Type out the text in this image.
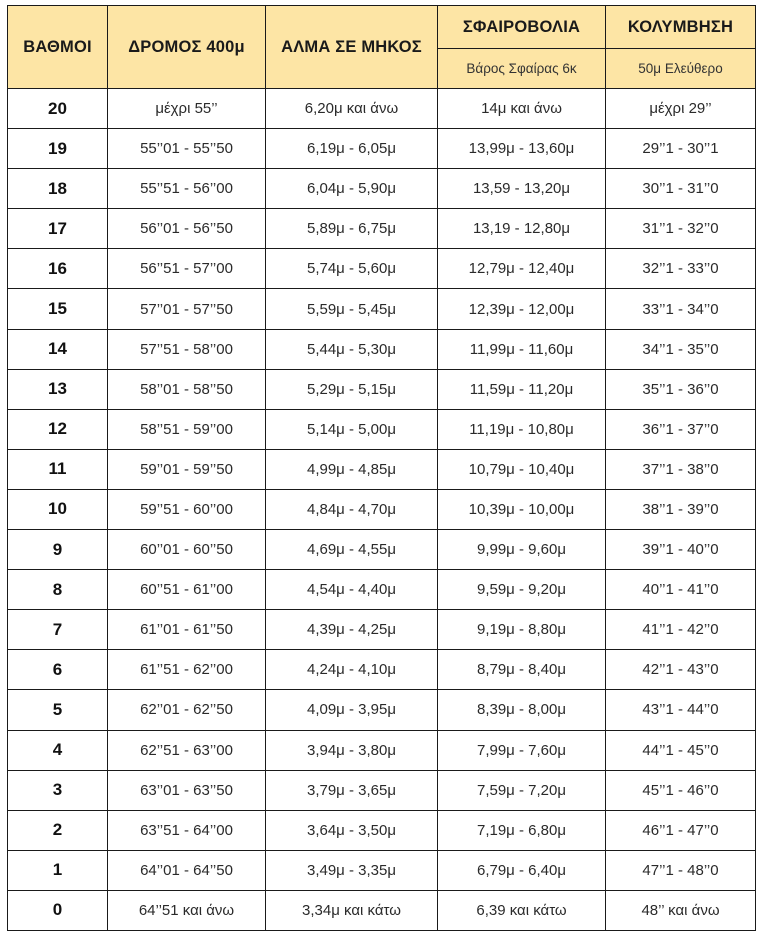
ΒΑΘΜΟΙ	ΔΡΟΜΟΣ 400μ	ΑΛΜΑ ΣΕ ΜΗΚΟΣ	ΣΦΑΙΡΟΒΟΛΙΑ	ΚΟΛΥΜΒΗΣΗ
			Βάρος Σφαίρας 6κ	50μ Ελεύθερο
20	μέχρι 55’’	6,20μ και άνω	14μ και άνω	μέχρι 29’’
19	55’’01 - 55’’50	6,19μ - 6,05μ	13,99μ - 13,60μ	29’’1 - 30’’1
18	55’’51 - 56’’00	6,04μ - 5,90μ	13,59 - 13,20μ	30’’1 - 31’’0
17	56’’01 - 56’’50	5,89μ - 6,75μ	13,19 - 12,80μ	31’’1 - 32’’0
16	56’’51 - 57’’00	5,74μ - 5,60μ	12,79μ - 12,40μ	32’’1 - 33’’0
15	57’’01 - 57’’50	5,59μ - 5,45μ	12,39μ - 12,00μ	33’’1 - 34’’0
14	57’’51 - 58’’00	5,44μ - 5,30μ	11,99μ - 11,60μ	34’’1 - 35’’0
13	58’’01 - 58’’50	5,29μ - 5,15μ	11,59μ - 11,20μ	35’’1 - 36’’0
12	58’’51 - 59’’00	5,14μ - 5,00μ	11,19μ - 10,80μ	36’’1 - 37’’0
11	59’’01 - 59’’50	4,99μ - 4,85μ	10,79μ - 10,40μ	37’’1 - 38’’0
10	59’’51 - 60’’00	4,84μ - 4,70μ	10,39μ - 10,00μ	38’’1 - 39’’0
9	60’’01 - 60’’50	4,69μ - 4,55μ	9,99μ - 9,60μ	39’’1 - 40’’0
8	60’’51 - 61’’00	4,54μ - 4,40μ	9,59μ - 9,20μ	40’’1 - 41’’0
7	61’’01 - 61’’50	4,39μ - 4,25μ	9,19μ - 8,80μ	41’’1 - 42’’0
6	61’’51 - 62’’00	4,24μ - 4,10μ	8,79μ - 8,40μ	42’’1 - 43’’0
5	62’’01 - 62’’50	4,09μ - 3,95μ	8,39μ - 8,00μ	43’’1 - 44’’0
4	62’’51 - 63’’00	3,94μ - 3,80μ	7,99μ - 7,60μ	44’’1 - 45’’0
3	63’’01 - 63’’50	3,79μ - 3,65μ	7,59μ - 7,20μ	45’’1 - 46’’0
2	63’’51 - 64’’00	3,64μ - 3,50μ	7,19μ - 6,80μ	46’’1 - 47’’0
1	64’’01 - 64’’50	3,49μ - 3,35μ	6,79μ - 6,40μ	47’’1 - 48’’0
0	64’’51 και άνω	3,34μ και κάτω	6,39 και κάτω	48’’ και άνω
